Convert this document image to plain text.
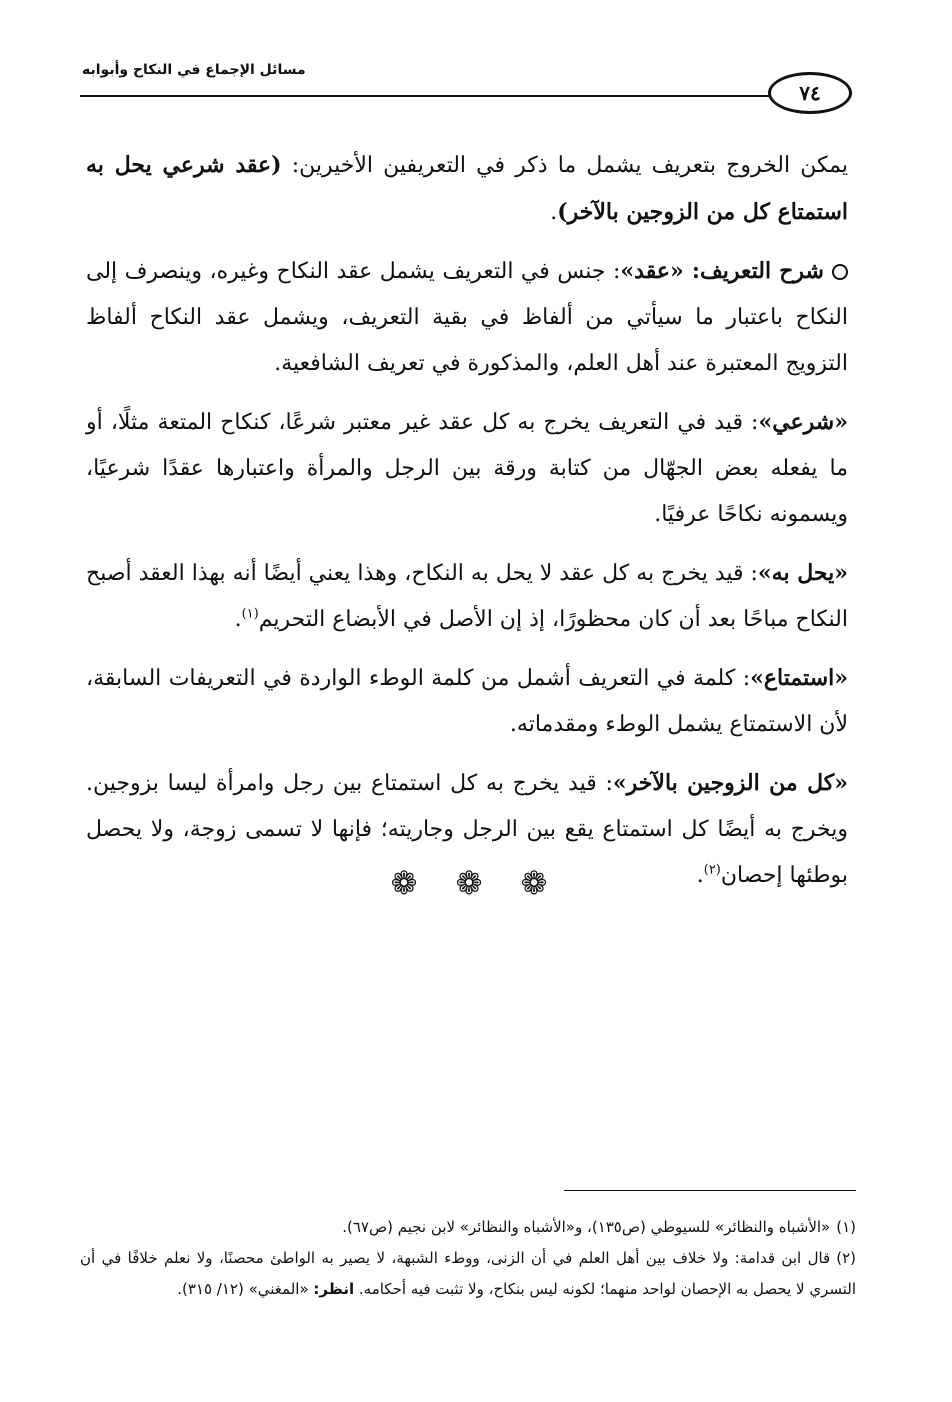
مسائل الإجماع في النكاح وأبوابه
٧٤

يمكن الخروج بتعريف يشمل ما ذكر في التعريفين الأخيرين: (عقد شرعي يحل به استمتاع كل من الزوجين بالآخر).

شرح التعريف: «عقد»: جنس في التعريف يشمل عقد النكاح وغيره، وينصرف إلى النكاح باعتبار ما سيأتي من ألفاظ في بقية التعريف، ويشمل عقد النكاح ألفاظ التزويج المعتبرة عند أهل العلم، والمذكورة في تعريف الشافعية.

«شرعي»: قيد في التعريف يخرج به كل عقد غير معتبر شرعًا، كنكاح المتعة مثلًا، أو ما يفعله بعض الجهّال من كتابة ورقة بين الرجل والمرأة واعتبارها عقدًا شرعيًا، ويسمونه نكاحًا عرفيًا.

«يحل به»: قيد يخرج به كل عقد لا يحل به النكاح، وهذا يعني أيضًا أنه بهذا العقد أصبح النكاح مباحًا بعد أن كان محظورًا، إذ إن الأصل في الأبضاع التحريم$^{(١)}$.

«استمتاع»: كلمة في التعريف أشمل من كلمة الوطء الواردة في التعريفات السابقة، لأن الاستمتاع يشمل الوطء ومقدماته.

«كل من الزوجين بالآخر»: قيد يخرج به كل استمتاع بين رجل وامرأة ليسا بزوجين. ويخرج به أيضًا كل استمتاع يقع بين الرجل وجاريته؛ فإنها لا تسمى زوجة، ولا يحصل بوطئها إحصان$^{(٢)}$.

❁ ❁ ❁

(١)«الأشباه والنظائر» للسيوطي (ص١٣٥)، و«الأشباه والنظائر» لابن نجيم (ص٦٧).

(٢)قال ابن قدامة: ولا خلاف بين أهل العلم في أن الزنى، ووطء الشبهة، لا يصير به الواطئ محصنًا، ولا نعلم خلافًا في أن التسري لا يحصل به الإحصان لواحد منهما؛ لكونه ليس بنكاح، ولا تثبت فيه أحكامه. انظر: «المغني» (١٢/ ٣١٥).
